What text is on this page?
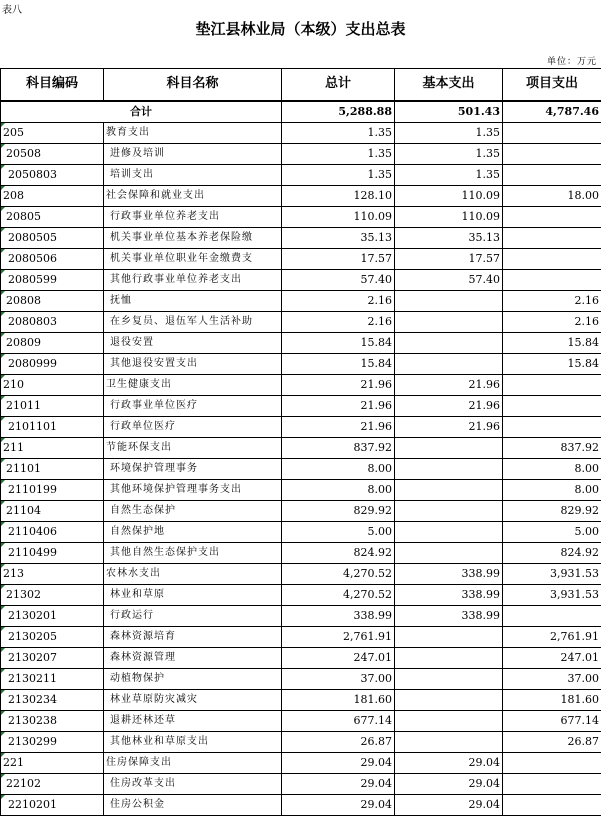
表八
垫江县林业局（本级）支出总表
单位：万元
科目编码	科目名称	总计	基本支出	项目支出
合计		5,288.88	501.43	4,787.46
205	教育支出	1.35	1.35	
20508	进修及培训	1.35	1.35	
2050803	培训支出	1.35	1.35	
208	社会保障和就业支出	128.10	110.09	18.00
20805	行政事业单位养老支出	110.09	110.09	
2080505	机关事业单位基本养老保险缴	35.13	35.13	
2080506	机关事业单位职业年金缴费支	17.57	17.57	
2080599	其他行政事业单位养老支出	57.40	57.40	
20808	抚恤	2.16		2.16
2080803	在乡复员、退伍军人生活补助	2.16		2.16
20809	退役安置	15.84		15.84
2080999	其他退役安置支出	15.84		15.84
210	卫生健康支出	21.96	21.96	
21011	行政事业单位医疗	21.96	21.96	
2101101	行政单位医疗	21.96	21.96	
211	节能环保支出	837.92		837.92
21101	环境保护管理事务	8.00		8.00
2110199	其他环境保护管理事务支出	8.00		8.00
21104	自然生态保护	829.92		829.92
2110406	自然保护地	5.00		5.00
2110499	其他自然生态保护支出	824.92		824.92
213	农林水支出	4,270.52	338.99	3,931.53
21302	林业和草原	4,270.52	338.99	3,931.53
2130201	行政运行	338.99	338.99	
2130205	森林资源培育	2,761.91		2,761.91
2130207	森林资源管理	247.01		247.01
2130211	动植物保护	37.00		37.00
2130234	林业草原防灾减灾	181.60		181.60
2130238	退耕还林还草	677.14		677.14
2130299	其他林业和草原支出	26.87		26.87
221	住房保障支出	29.04	29.04	
22102	住房改革支出	29.04	29.04	
2210201	住房公积金	29.04	29.04	
